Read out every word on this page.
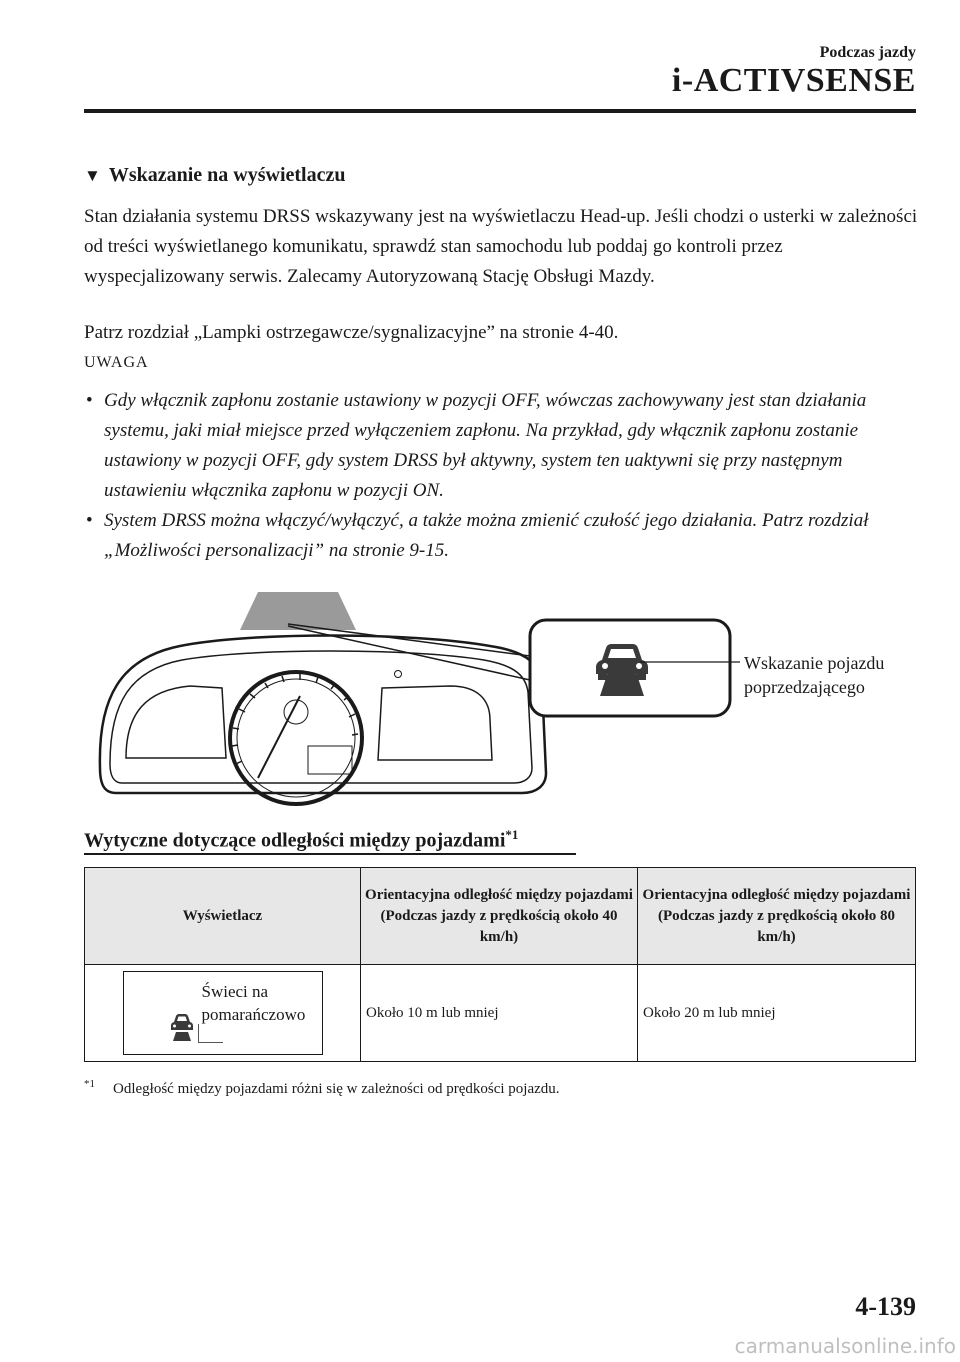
Podczas jazdy
i-ACTIVSENSE
▼ Wskazanie na wyświetlaczu
Stan działania systemu DRSS wskazywany jest na wyświetlaczu Head-up. Jeśli chodzi o usterki w zależności od treści wyświetlanego komunikatu, sprawdź stan samochodu lub poddaj go kontroli przez wyspecjalizowany serwis. Zalecamy Autoryzowaną Stację Obsługi Mazdy.
Patrz rozdział „Lampki ostrzegawcze/sygnalizacyjne” na stronie 4-40.
UWAGA
• Gdy włącznik zapłonu zostanie ustawiony w pozycji OFF, wówczas zachowywany jest stan działania systemu, jaki miał miejsce przed wyłączeniem zapłonu. Na przykład, gdy włącznik zapłonu zostanie ustawiony w pozycji OFF, gdy system DRSS był aktywny, system ten uaktywni się przy następnym ustawieniu włącznika zapłonu w pozycji ON.
• System DRSS można włączyć/wyłączyć, a także można zmienić czułość jego działania. Patrz rozdział „Możliwości personalizacji” na stronie 9-15.
Wskazanie pojazdu
poprzedzającego
Wytyczne dotyczące odległości między pojazdami$^{*1}$
Wyświetlacz	Orientacyjna odległość między pojazdami (Podczas jazdy z prędkością około 40 km/h)	Orientacyjna odległość między pojazdami (Podczas jazdy z prędkością około 80 km/h)

Świeci na
pomarańczowo	Około 10 m lub mniej	Około 20 m lub mniej
$^{*1}$ Odległość między pojazdami różni się w zależności od prędkości pojazdu.
4-139
carmanualsonline.info
